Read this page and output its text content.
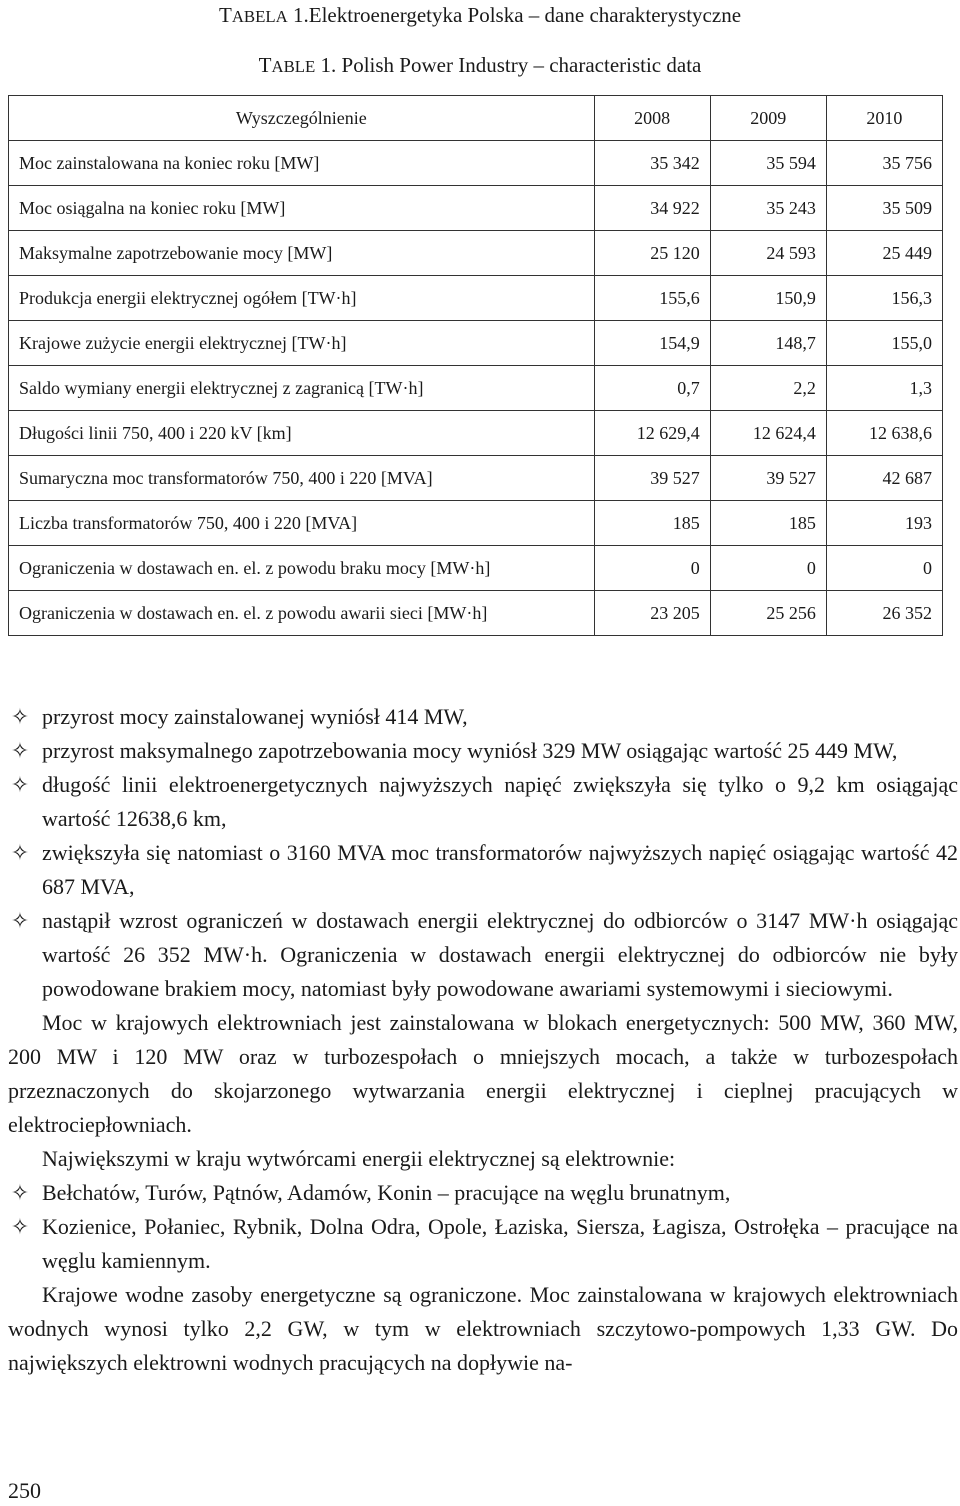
TABELA 1.Elektroenergetyka Polska – dane charakterystyczne
TABLE 1. Polish Power Industry – characteristic data
Wyszczególnienie	2008	2009	2010
Moc zainstalowana na koniec roku [MW]	35 342	35 594	35 756
Moc osiągalna na koniec roku [MW]	34 922	35 243	35 509
Maksymalne zapotrzebowanie mocy [MW]	25 120	24 593	25 449
Produkcja energii elektrycznej ogółem [TW·h]	155,6	150,9	156,3
Krajowe zużycie energii elektrycznej [TW·h]	154,9	148,7	155,0
Saldo wymiany energii elektrycznej z zagranicą [TW·h]	0,7	2,2	1,3
Długości linii 750, 400 i 220 kV [km]	12 629,4	12 624,4	12 638,6
Sumaryczna moc transformatorów 750, 400 i 220 [MVA]	39 527	39 527	42 687
Liczba transformatorów 750, 400 i 220 [MVA]	185	185	193
Ograniczenia w dostawach en. el. z powodu braku mocy [MW·h]	0	0	0
Ograniczenia w dostawach en. el. z powodu awarii sieci [MW·h]	23 205	25 256	26 352

✧ przyrost mocy zainstalowanej wyniósł 414 MW,

✧ przyrost maksymalnego zapotrzebowania mocy wyniósł 329 MW osiągając wartość 25 449 MW,

✧ długość linii elektroenergetycznych najwyższych napięć zwiększyła się tylko o 9,2 km osiągając wartość 12638,6 km,

✧ zwiększyła się natomiast o 3160 MVA moc transformatorów najwyższych napięć osiągając wartość 42 687 MVA,

✧ nastąpił wzrost ograniczeń w dostawach energii elektrycznej do odbiorców o 3147 MW·h osiągając wartość 26 352 MW·h. Ograniczenia w dostawach energii elektrycznej do odbiorców nie były powodowane brakiem mocy, natomiast były powodowane awariami systemowymi i sieciowymi.

Moc w krajowych elektrowniach jest zainstalowana w blokach energetycznych: 500 MW, 360 MW, 200 MW i 120 MW oraz w turbozespołach o mniejszych mocach, a także w turbozespołach przeznaczonych do skojarzonego wytwarzania energii elektrycznej i cieplnej pracujących w elektrociepłowniach.

Największymi w kraju wytwórcami energii elektrycznej są elektrownie:

✧ Bełchatów, Turów, Pątnów, Adamów, Konin – pracujące na węglu brunatnym,

✧ Kozienice, Połaniec, Rybnik, Dolna Odra, Opole, Łaziska, Siersza, Łagisza, Ostrołęka – pracujące na węglu kamiennym.

Krajowe wodne zasoby energetyczne są ograniczone. Moc zainstalowana w krajowych elektrowniach wodnych wynosi tylko 2,2 GW, w tym w elektrowniach szczytowo-pompowych 1,33 GW. Do największych elektrowni wodnych pracujących na dopływie na-

250
